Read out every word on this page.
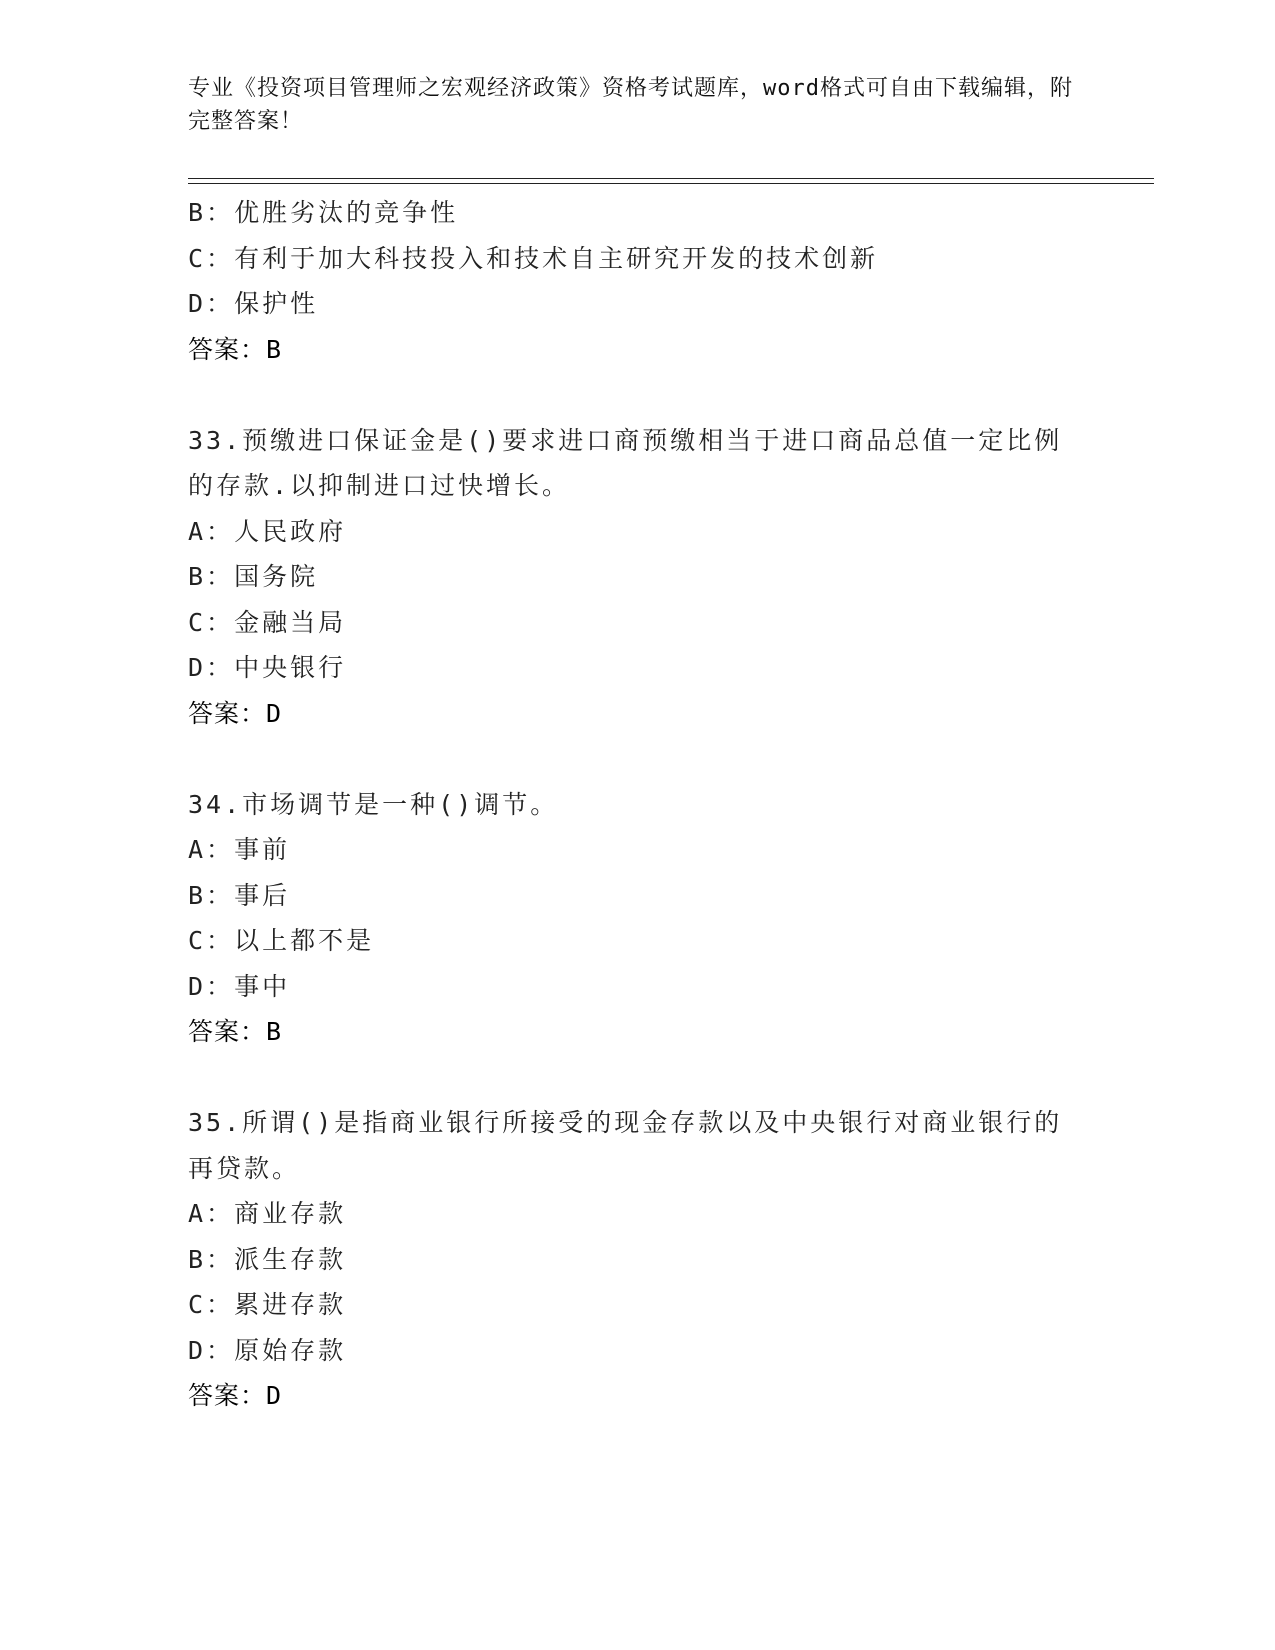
专业《投资项目管理师之宏观经济政策》资格考试题库，word格式可自由下载编辑，附完整答案！
B：优胜劣汰的竞争性
C：有利于加大科技投入和技术自主研究开发的技术创新
D：保护性
答案：B
33.预缴进口保证金是()要求进口商预缴相当于进口商品总值一定比例的存款.以抑制进口过快增长。
A：人民政府
B：国务院
C：金融当局
D：中央银行
答案：D
34.市场调节是一种()调节。
A：事前
B：事后
C：以上都不是
D：事中
答案：B
35.所谓()是指商业银行所接受的现金存款以及中央银行对商业银行的再贷款。
A：商业存款
B：派生存款
C：累进存款
D：原始存款
答案：D
